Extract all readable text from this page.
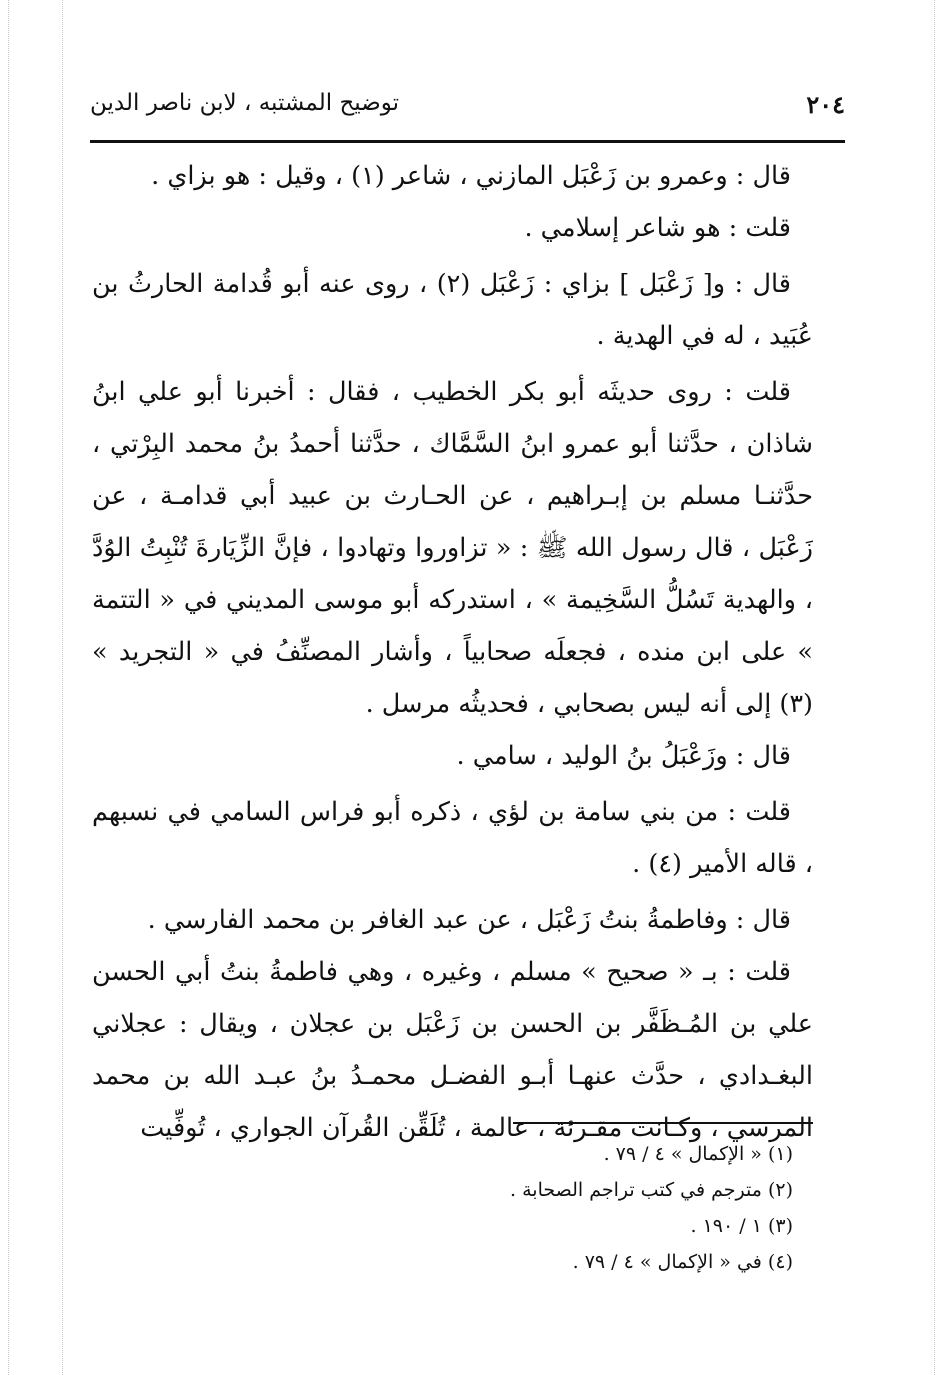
٢٠٤
توضيح المشتبه ، لابن ناصر الدين

قال : وعمرو بن زَعْبَل المازني ، شاعر (١) ، وقيل : هو بزاي .

قلت : هو شاعر إسلامي .

قال : و[ زَعْبَل ] بزاي : زَعْبَل (٢) ، روى عنه أبو قُدامة الحارثُ بن عُبَيد ، له في الهدية .

قلت : روى حديثَه أبو بكر الخطيب ، فقال : أخبرنا أبو علي ابنُ شاذان ، حدَّثنا أبو عمرو ابنُ السَّمَّاك ، حدَّثنا أحمدُ بنُ محمد البِرْتي ، حدَّثنـا مسلم بن إبـراهيم ، عن الحـارث بن عبيد أبي قدامـة ، عن زَعْبَل ، قال رسول الله ﷺ : « تزاوروا وتهادوا ، فإنَّ الزِّيَارةَ تُنْبِتُ الوُدَّ ، والهدية تَسُلُّ السَّخِيمة » ، استدركه أبو موسى المديني في « التتمة » على ابن منده ، فجعلَه صحابياً ، وأشار المصنِّفُ في « التجريد » (٣) إلى أنه ليس بصحابي ، فحديثُه مرسل .

قال : وزَعْبَلُ بنُ الوليد ، سامي .

قلت : من بني سامة بن لؤي ، ذكره أبو فراس السامي في نسبهم ، قاله الأمير (٤) .

قال : وفاطمةُ بنتُ زَعْبَل ، عن عبد الغافر بن محمد الفارسي .

قلت : بـ « صحيح » مسلم ، وغيره ، وهي فاطمةُ بنتُ أبي الحسن علي بن المُـظَفَّر بن الحسن بن زَعْبَل بن عجلان ، ويقال : عجلاني البغـدادي ، حدَّث عنهـا أبـو الفضـل محمـدُ بنُ عبـد الله بن محمد المرسي ، وكـانت مقـرئة ، عالمة ، تُلَقِّن القُرآن الجواري ، تُوفِّيت

(١) « الإكمال » ٤ / ٧٩ .

(٢) مترجم في كتب تراجم الصحابة .

(٣) ١ / ١٩٠ .

(٤) في « الإكمال » ٤ / ٧٩ .
